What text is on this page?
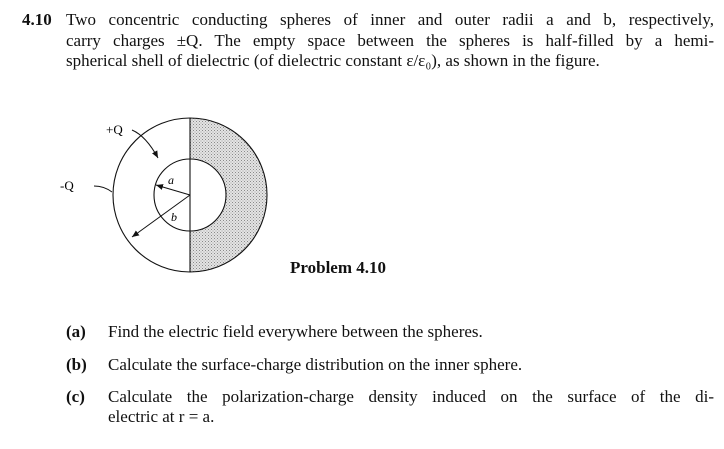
4.10 Two concentric conducting spheres of inner and outer radii a and b, respectively,
carry charges ±Q. The empty space between the spheres is half-filled by a hemi-
spherical shell of dielectric (of dielectric constant ε/ε₀), as shown in the figure.
+Q
-Q	a
b
Problem 4.10
(a) Find the electric field everywhere between the spheres.
(b) Calculate the surface-charge distribution on the inner sphere.
(c) Calculate the polarization-charge density induced on the surface of the di-
electric at r = a.
